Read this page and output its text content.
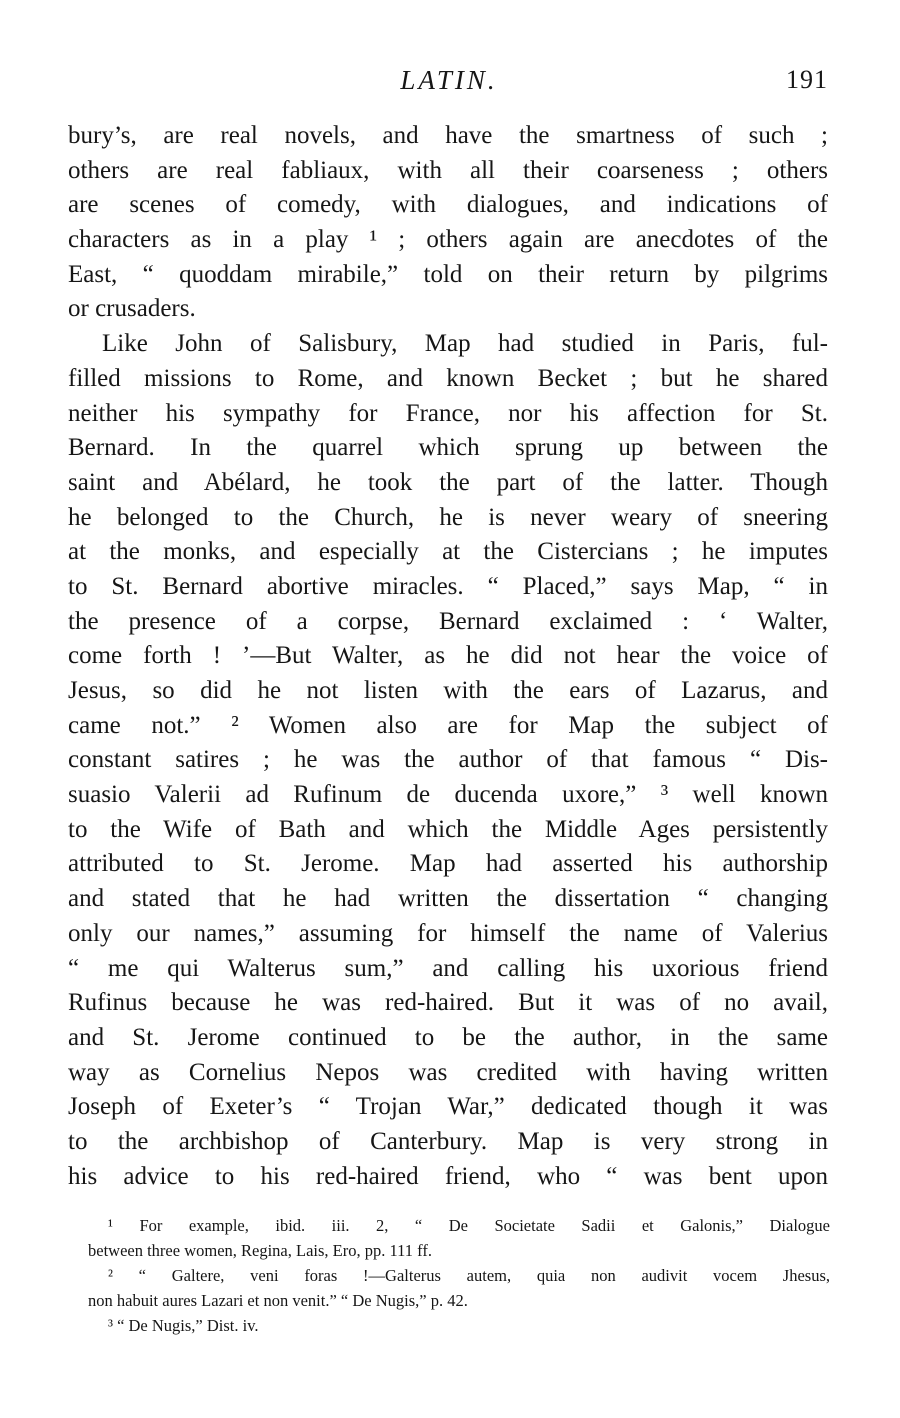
LATIN.	191
bury’s, are real novels, and have the smartness of such ;
others are real fabliaux, with all their coarseness ; others
are scenes of comedy, with dialogues, and indications of
characters as in a play ¹ ; others again are anecdotes of the
East, “ quoddam mirabile,” told on their return by pilgrims
or crusaders.
Like John of Salisbury, Map had studied in Paris, ful-
filled missions to Rome, and known Becket ; but he shared
neither his sympathy for France, nor his affection for St.
Bernard. In the quarrel which sprung up between the
saint and Abélard, he took the part of the latter. Though
he belonged to the Church, he is never weary of sneering
at the monks, and especially at the Cistercians ; he imputes
to St. Bernard abortive miracles. “ Placed,” says Map, “ in
the presence of a corpse, Bernard exclaimed : ‘ Walter,
come forth ! ’—But Walter, as he did not hear the voice of
Jesus, so did he not listen with the ears of Lazarus, and
came not.” ² Women also are for Map the subject of
constant satires ; he was the author of that famous “ Dis-
suasio Valerii ad Rufinum de ducenda uxore,” ³ well known
to the Wife of Bath and which the Middle Ages persistently
attributed to St. Jerome. Map had asserted his authorship
and stated that he had written the dissertation “ changing
only our names,” assuming for himself the name of Valerius
“ me qui Walterus sum,” and calling his uxorious friend
Rufinus because he was red-haired. But it was of no avail,
and St. Jerome continued to be the author, in the same
way as Cornelius Nepos was credited with having written
Joseph of Exeter’s “ Trojan War,” dedicated though it was
to the archbishop of Canterbury. Map is very strong in
his advice to his red-haired friend, who “ was bent upon
¹ For example, ibid. iii. 2, “ De Societate Sadii et Galonis,” Dialogue
between three women, Regina, Lais, Ero, pp. 111 ff.
² “ Galtere, veni foras !—Galterus autem, quia non audivit vocem Jhesus,
non habuit aures Lazari et non venit.” “ De Nugis,” p. 42.
³ “ De Nugis,” Dist. iv.
